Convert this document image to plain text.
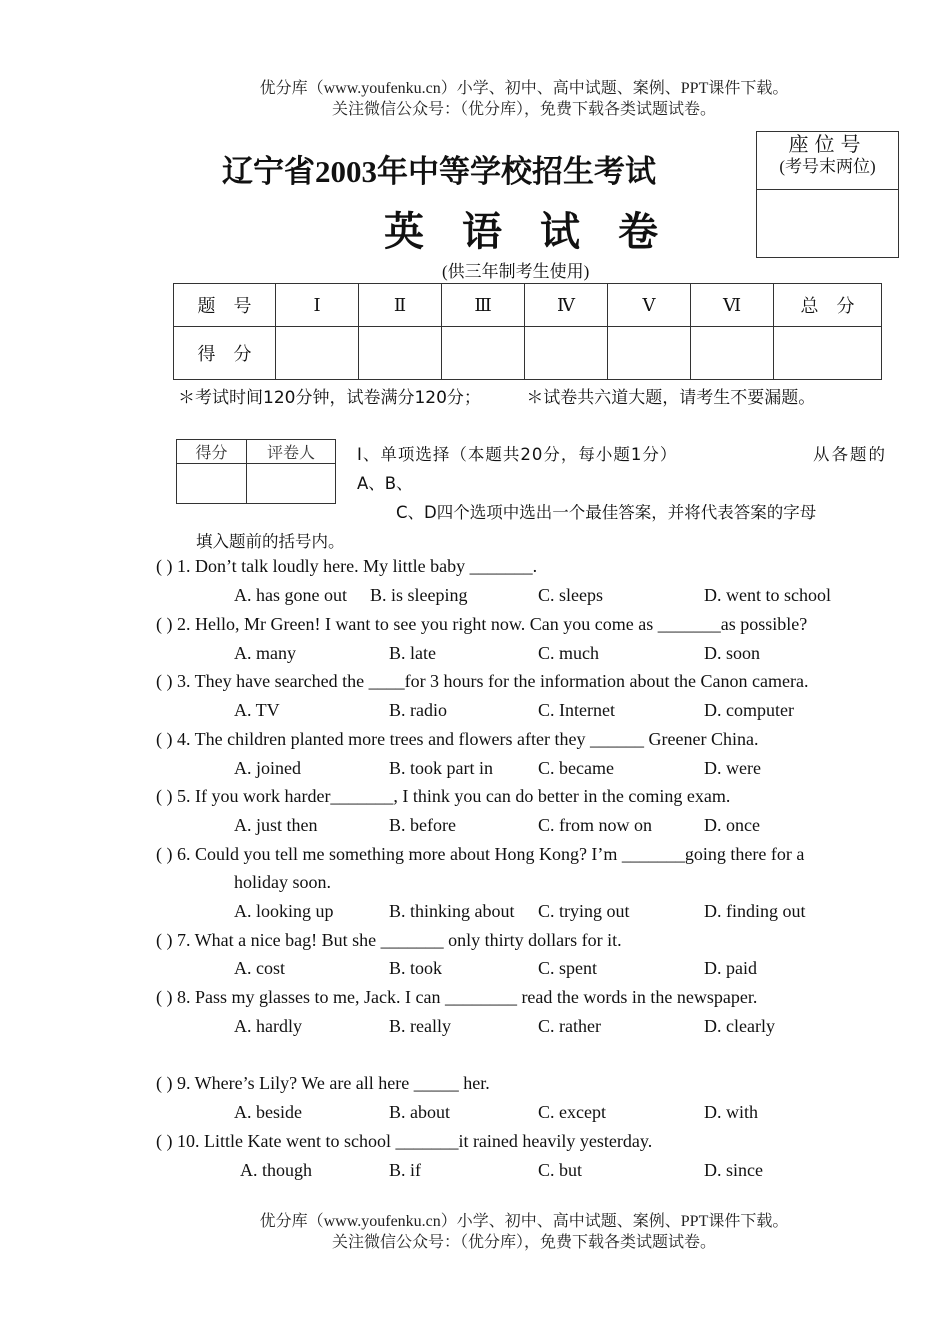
优分库（www.youfenku.cn）小学、初中、高中试题、案例、PPT课件下载。
关注微信公众号：（优分库），免费下载各类试题试卷。
辽宁省2003年中等学校招生考试
英语试卷
(供三年制考生使用)
座位号
(考号末两位)
题　号	Ⅰ	Ⅱ	Ⅲ	Ⅳ	Ⅴ	Ⅵ	总　分
得　分							
＊考试时间120分钟，试卷满分120分；	＊试卷共六道大题，请考生不要漏题。
得分	评卷人
		Ⅰ、单项选择（本题共20分，每小题1分）	从各题的
A、B、
C、D四个选项中选出一个最佳答案，并将代表答案的字母
填入题前的括号内。
( ) 1. Don’t talk loudly here. My little baby _______.
A. has gone out B. is sleeping	C. sleeps	D. went to school
( ) 2. Hello, Mr Green! I want to see you right now. Can you come as _______as possible?
A. many	B. late	C. much	D. soon
( ) 3. They have searched the ____for 3 hours for the information about the Canon camera.
A. TV	B. radio	C. Internet	D. computer
( ) 4. The children planted more trees and flowers after they ______ Greener China.
A. joined	B. took part in	C. became	D. were
( ) 5. If you work harder_______, I think you can do better in the coming exam.
A. just then	B. before	C. from now on	D. once
( ) 6. Could you tell me something more about Hong Kong? I’m _______going there for a
holiday soon.
A. looking up	B. thinking about C. trying out	D. finding out
( ) 7. What a nice bag! But she _______ only thirty dollars for it.
A. cost	B. took	C. spent	D. paid
( ) 8. Pass my glasses to me, Jack. I can ________ read the words in the newspaper.
A. hardly	B. really	C. rather	D. clearly
( ) 9. Where’s Lily? We are all here _____ her.
A. beside	B. about	C. except	D. with
( ) 10. Little Kate went to school _______it rained heavily yesterday.
A. though	B. if	C. but	D. since
优分库（www.youfenku.cn）小学、初中、高中试题、案例、PPT课件下载。
关注微信公众号：（优分库），免费下载各类试题试卷。
